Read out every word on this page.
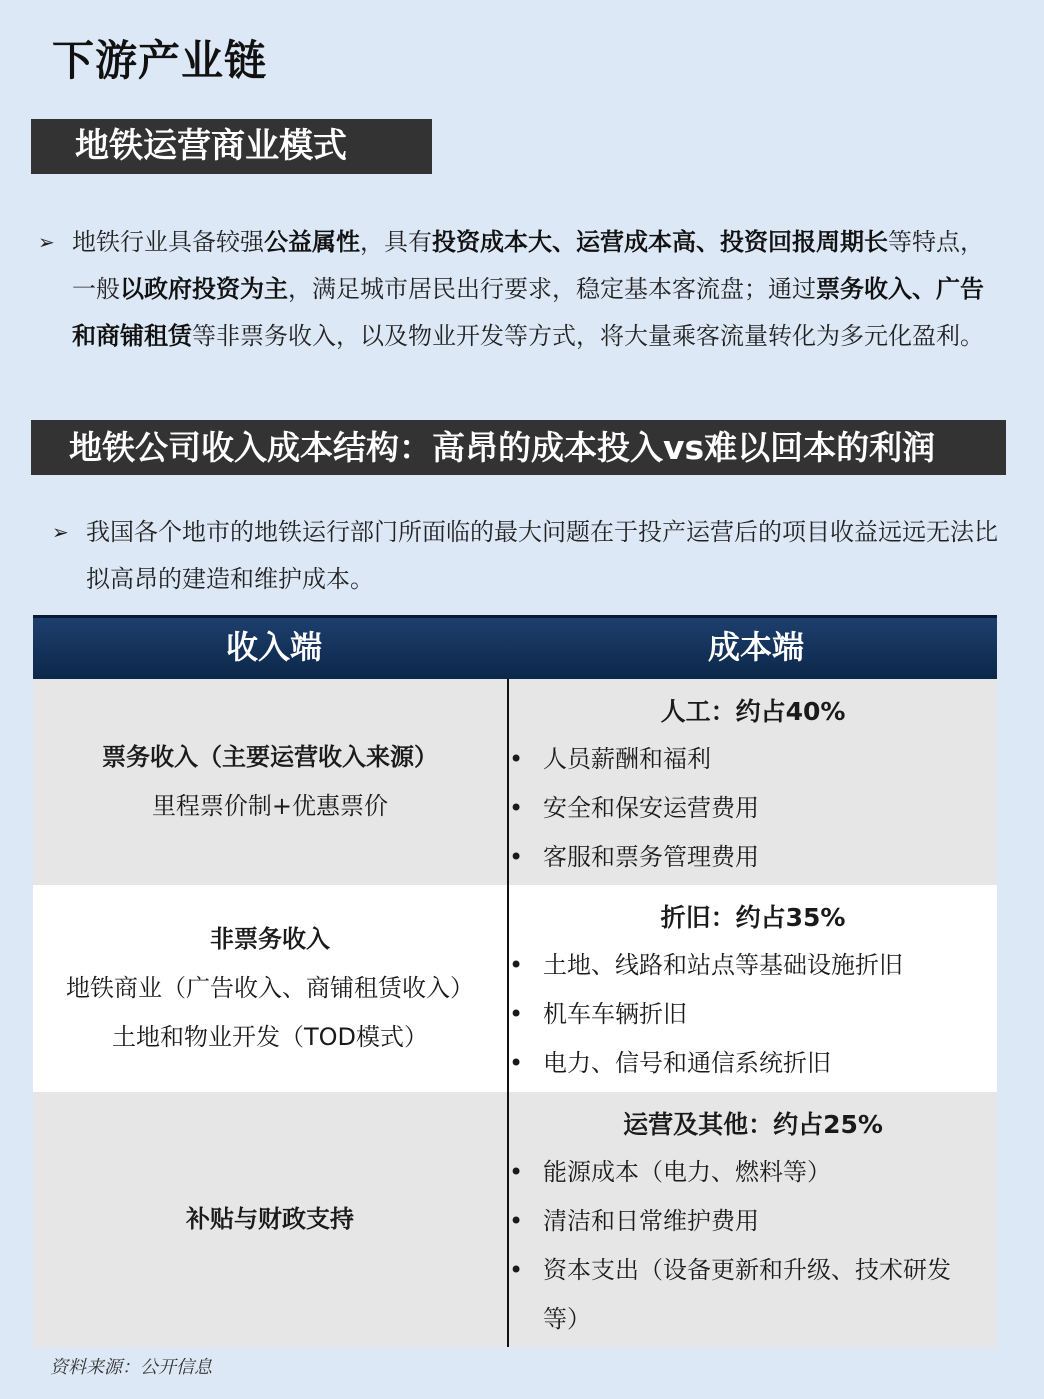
下游产业链
地铁运营商业模式
➢ 地铁行业具备较强公益属性，具有投资成本大、运营成本高、投资回报周期长等特点，一般以政府投资为主，满足城市居民出行要求，稳定基本客流盘；通过票务收入、广告和商铺租赁等非票务收入，以及物业开发等方式，将大量乘客流量转化为多元化盈利。
地铁公司收入成本结构：高昂的成本投入vs难以回本的利润
➢ 我国各个地市的地铁运行部门所面临的最大问题在于投产运营后的项目收益远远无法比拟高昂的建造和维护成本。
收入端	成本端
票务收入（主要运营收入来源）
里程票价制+优惠票价
人工：约占40%
• 人员薪酬和福利
• 安全和保安运营费用
• 客服和票务管理费用
非票务收入
地铁商业（广告收入、商铺租赁收入）
土地和物业开发（TOD模式）
折旧：约占35%
• 土地、线路和站点等基础设施折旧
• 机车车辆折旧
• 电力、信号和通信系统折旧
补贴与财政支持
运营及其他：约占25%
• 能源成本（电力、燃料等）
• 清洁和日常维护费用
• 资本支出（设备更新和升级、技术研发等）
资料来源：公开信息
